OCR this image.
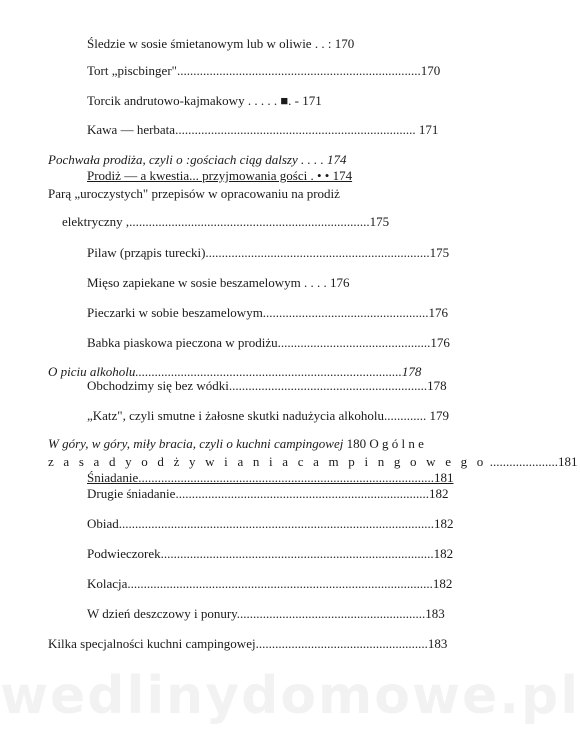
Śledzie w sosie śmietanowym lub w oliwie . . : 170
Tort „piscbinger"...........................................................................170
Torcik andrutowo-kajmakowy . . . . . ■. - 171
Kawa — herbata.......................................................................... 171
Pochwała prodiża, czyli o :gościach ciąg dalszy . . . . 174
Prodiż — a kwestia... przyjmowania gości . • • 174
Parą „uroczystych" przepisów w opracowaniu na prodiż
elektryczny ,..........................................................................175
Pilaw (prząpis turecki).....................................................................175
Mięso zapiekane w sosie beszamelowym . . . . 176
Pieczarki w sobie beszamelowym...................................................176
Babka piaskowa pieczona w prodiżu...............................................176
O piciu alkoholu..................................................................................178
Obchodzimy się bez wódki.............................................................178
„Katz", czyli smutne i żałosne skutki nadużycia alkoholu............. 179
W góry, w góry, miły bracia, czyli o kuchni campingowej 180 O g ó l n e
z a s a d y o d ż y w i a n i a c a m p i n g o w e g o .....................181
Śniadanie...........................................................................................181
Drugie śniadanie..............................................................................182
Obiad.................................................................................................182
Podwieczorek....................................................................................182
Kolacja..............................................................................................182
W dzień deszczowy i ponury..........................................................183
Kilka specjalności kuchni campingowej.....................................................183
wedlinydomowe.pl
